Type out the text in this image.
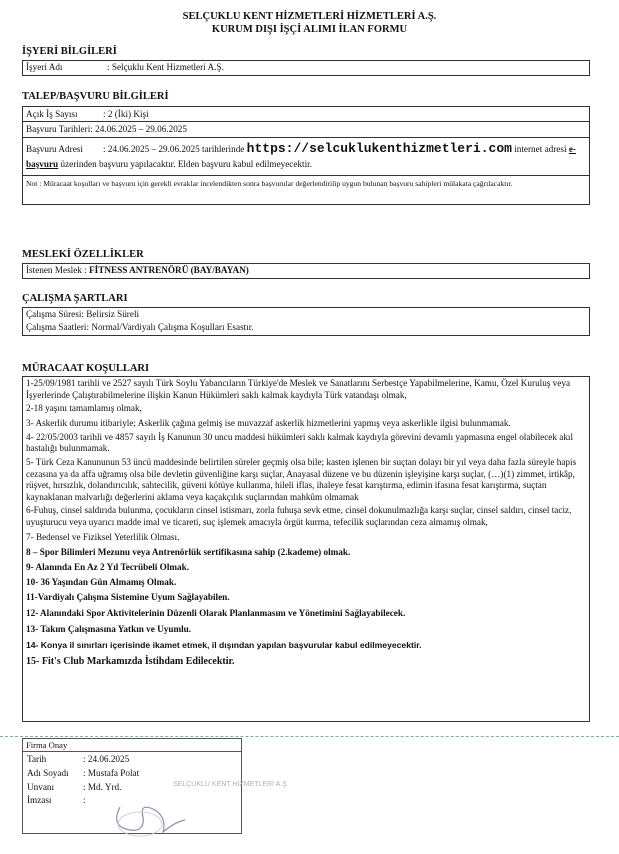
SELÇUKLU KENT HİZMETLERİ HİZMETLERİ A.Ş.
KURUM DIŞI İŞÇİ ALIMI İLAN FORMU
İŞYERİ BİLGİLERİ
İşyeri Adı	: Selçuklu Kent Hizmetleri A.Ş.
TALEP/BAŞVURU BİLGİLERİ
Açık İş Sayısı	: 2 (İki) Kişi
Başvuru Tarihleri: 24.06.2025 – 29.06.2025
Başvuru Adresi : 24.06.2025 – 29.06.2025 tarihlerinde https://selcuklukenthizmetleri.com internet adresi e-
başvuru üzerinden başvuru yapılacaktır. Elden başvuru kabul edilmeyecektir.
Not : Müracaat koşulları ve başvuru için gerekli evraklar incelendikten sonra başvurular değerlendirilip uygun bulunan başvuru sahipleri mülakata çağrılacaktır.
MESLEKİ ÖZELLİKLER
İstenen Meslek : FİTNESS ANTRENÖRÜ (BAY/BAYAN)
ÇALIŞMA ŞARTLARI
Çalışma Süresi: Belirsiz Süreli
Çalışma Saatleri: Normal/Vardiyalı Çalışma Koşulları Esastır.
MÜRACAAT KOŞULLARI
1-25/09/1981 tarihli ve 2527 sayılı Türk Soylu Yabancıların Türkiye'de Meslek ve Sanatlarını Serbestçe Yapabilmelerine, Kamu, Özel Kuruluş veya İşyerlerinde Çalıştırabilmelerine ilişkin Kanun Hükümleri saklı kalmak kaydıyla Türk vatandaşı olmak,
2-18 yaşını tamamlamış olmak,
3- Askerlik durumu itibariyle; Askerlik çağına gelmiş ise muvazzaf askerlik hizmetlerini yapmış veya askerlikle ilgisi bulunmamak.
4- 22/05/2003 tarihli ve 4857 sayılı İş Kanunun 30 uncu maddesi hükümleri saklı kalmak kaydıyla görevini devamlı yapmasına engel olabilecek akıl hastalığı bulunmamak.
5- Türk Ceza Kanununun 53 üncü maddesinde belirtilen süreler geçmiş olsa bile; kasten işlenen bir suçtan dolayı bir yıl veya daha fazla süreyle hapis cezasına ya da affa uğramış olsa bile devletin güvenliğine karşı suçlar, Anayasal düzene ve bu düzenin işleyişine karşı suçlar, (…)(1) zimmet, irtikâp, rüşvet, hırsızlık, dolandırıcılık, sahtecilik, güveni kötüye kullanma, hileli iflas, ihaleye fesat karıştırma, edimin ifasına fesat karıştırma, suçtan kaynaklanan malvarlığı değerlerini aklama veya kaçakçılık suçlarından mahkûm olmamak
6-Fuhuş, cinsel saldırıda bulunma, çocukların cinsel istismarı, zorla fuhuşa sevk etme, cinsel dokunulmazlığa karşı suçlar, cinsel saldırı, cinsel taciz, uyuşturucu veya uyarıcı madde imal ve ticareti, suç işlemek amacıyla örgüt kurma, tefecilik suçlarından ceza almamış olmak,
7- Bedensel ve Fiziksel Yeterlilik Olması.
8 – Spor Bilimleri Mezunu veya Antrenörlük sertifikasına sahip (2.kademe) olmak.
9- Alanında En Az 2 Yıl Tecrübeli Olmak.
10- 36 Yaşından Gün Almamış Olmak.
11-Vardiyalı Çalışma Sistemine Uyum Sağlayabilen.
12- Alanındaki Spor Aktivitelerinin Düzenli Olarak Planlanmasını ve Yönetimini Sağlayabilecek.
13- Takım Çalışmasına Yatkın ve Uyumlu.
14- Konya il sınırları içerisinde ikamet etmek, il dışından yapılan başvurular kabul edilmeyecektir.
15- Fit's Club Markamızda İstihdam Edilecektir.
Firma Onay
Tarih	: 24.06.2025
Adı Soyadı : Mustafa Polat
Unvanı	: Md. Yrd.
İmzası	:
SELÇUKLU KENT HİZMETLERİ A.Ş.
